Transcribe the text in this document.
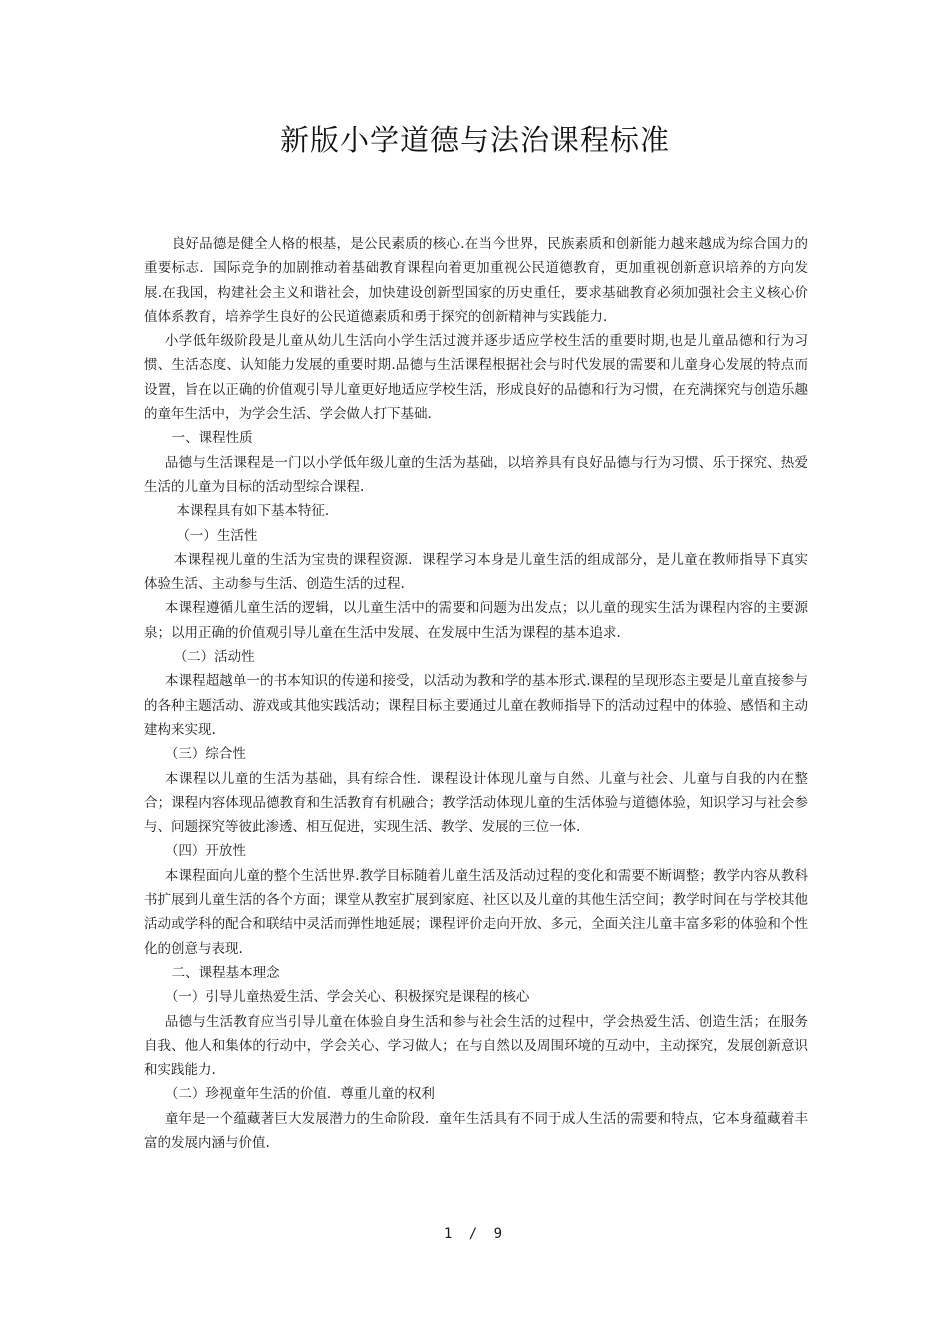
新版小学道德与法治课程标准

良好品德是健全人格的根基，是公民素质的核心.在当今世界，民族素质和创新能力越来越成为综合国力的重要标志．国际竞争的加剧推动着基础教育课程向着更加重视公民道德教育，更加重视创新意识培养的方向发展.在我国，构建社会主义和谐社会，加快建设创新型国家的历史重任，要求基础教育必须加强社会主义核心价值体系教育，培养学生良好的公民道德素质和勇于探究的创新精神与实践能力．

小学低年级阶段是儿童从幼儿生活向小学生活过渡并逐步适应学校生活的重要时期,也是儿童品德和行为习惯、生活态度、认知能力发展的重要时期.品德与生活课程根据社会与时代发展的需要和儿童身心发展的特点而设置，旨在以正确的价值观引导儿童更好地适应学校生活，形成良好的品德和行为习惯，在充满探究与创造乐趣的童年生活中，为学会生活、学会做人打下基础．

一、课程性质

品德与生活课程是一门以小学低年级儿童的生活为基础，以培养具有良好品德与行为习惯、乐于探究、热爱生活的儿童为目标的活动型综合课程.

本课程具有如下基本特征.

（一）生活性

本课程视儿童的生活为宝贵的课程资源．课程学习本身是儿童生活的组成部分，是儿童在教师指导下真实体验生活、主动参与生活、创造生活的过程.

本课程遵循儿童生活的逻辑，以儿童生活中的需要和问题为出发点；以儿童的现实生活为课程内容的主要源泉；以用正确的价值观引导儿童在生活中发展、在发展中生活为课程的基本追求.

（二）活动性

本课程超越单一的书本知识的传递和接受，以活动为教和学的基本形式.课程的呈现形态主要是儿童直接参与的各种主题活动、游戏或其他实践活动；课程目标主要通过儿童在教师指导下的活动过程中的体验、感悟和主动建构来实现.

（三）综合性

本课程以儿童的生活为基础，具有综合性．课程设计体现儿童与自然、儿童与社会、儿童与自我的内在整合；课程内容体现品德教育和生活教育有机融合；教学活动体现儿童的生活体验与道德体验，知识学习与社会参与、问题探究等彼此渗透、相互促进，实现生活、教学、发展的三位一体.

（四）开放性

本课程面向儿童的整个生活世界.教学目标随着儿童生活及活动过程的变化和需要不断调整；教学内容从教科书扩展到儿童生活的各个方面；课堂从教室扩展到家庭、社区以及儿童的其他生活空间；教学时间在与学校其他活动或学科的配合和联结中灵活而弹性地延展；课程评价走向开放、多元，全面关注儿童丰富多彩的体验和个性化的创意与表现.

二、课程基本理念

（一）引导儿童热爱生活、学会关心、积极探究是课程的核心

品德与生活教育应当引导儿童在体验自身生活和参与社会生活的过程中，学会热爱生活、创造生活；在服务自我、他人和集体的行动中，学会关心、学习做人；在与自然以及周围环境的互动中，主动探究，发展创新意识和实践能力.

（二）珍视童年生活的价值．尊重儿童的权利

童年是一个蕴藏著巨大发展潜力的生命阶段．童年生活具有不同于成人生活的需要和特点，它本身蕴藏着丰富的发展内涵与价值.

1 / 9
